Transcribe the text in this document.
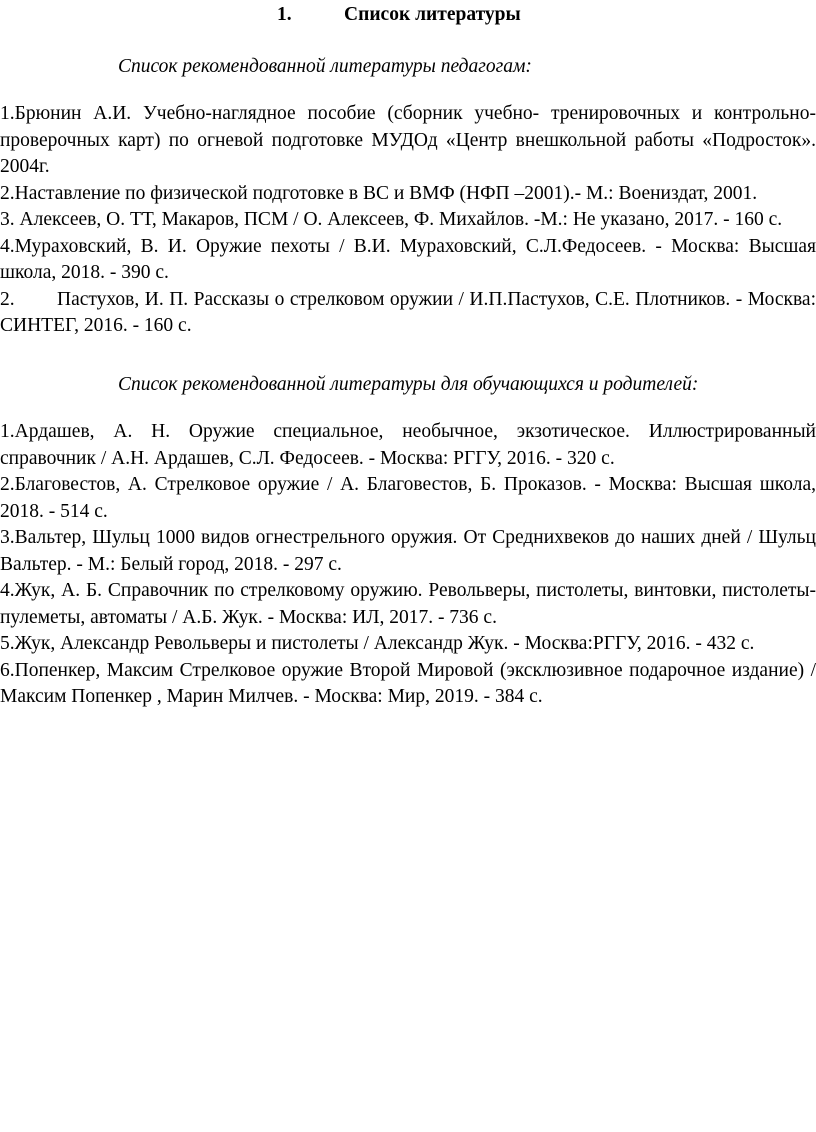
1.	Список литературы
Список рекомендованной литературы педагогам:
1.Брюнин А.И. Учебно-наглядное пособие (сборник учебно- тренировочных и контрольно-проверочных карт) по огневой подготовке МУДОд «Центр внешкольной работы «Подросток». 2004г.
2.Наставление по физической подготовке в ВС и ВМФ (НФП –2001).- М.: Воениздат, 2001.
3. Алексеев, О. ТТ, Макаров, ПСМ / О. Алексеев, Ф. Михайлов. -М.: Не указано, 2017. - 160 с.
4.Мураховский, В. И. Оружие пехоты / В.И. Мураховский, С.Л.Федосеев. - Москва: Высшая школа, 2018. - 390 с.
2. Пастухов, И. П. Рассказы о стрелковом оружии / И.П.Пастухов, С.Е. Плотников. - Москва: СИНТЕГ, 2016. - 160 с.
Список рекомендованной литературы для обучающихся и родителей:
1.Ардашев, А. Н. Оружие специальное, необычное, экзотическое. Иллюстрированный справочник / А.Н. Ардашев, С.Л. Федосеев. - Москва: РГГУ, 2016. - 320 с.
2.Благовестов, А. Стрелковое оружие / А. Благовестов, Б. Проказов. - Москва: Высшая школа, 2018. - 514 с.
3.Вальтер, Шульц 1000 видов огнестрельного оружия. От Среднихвеков до наших дней / Шульц Вальтер. - М.: Белый город, 2018. - 297 с.
4.Жук, А. Б. Справочник по стрелковому оружию. Револьверы, пистолеты, винтовки, пистолеты-пулеметы, автоматы / А.Б. Жук. - Москва: ИЛ, 2017. - 736 с.
5.Жук, Александр Револьверы и пистолеты / Александр Жук. - Москва:РГГУ, 2016. - 432 с.
6.Попенкер, Максим Стрелковое оружие Второй Мировой (эксклюзивное подарочное издание) / Максим Попенкер , Марин Милчев. - Москва: Мир, 2019. - 384 с.
